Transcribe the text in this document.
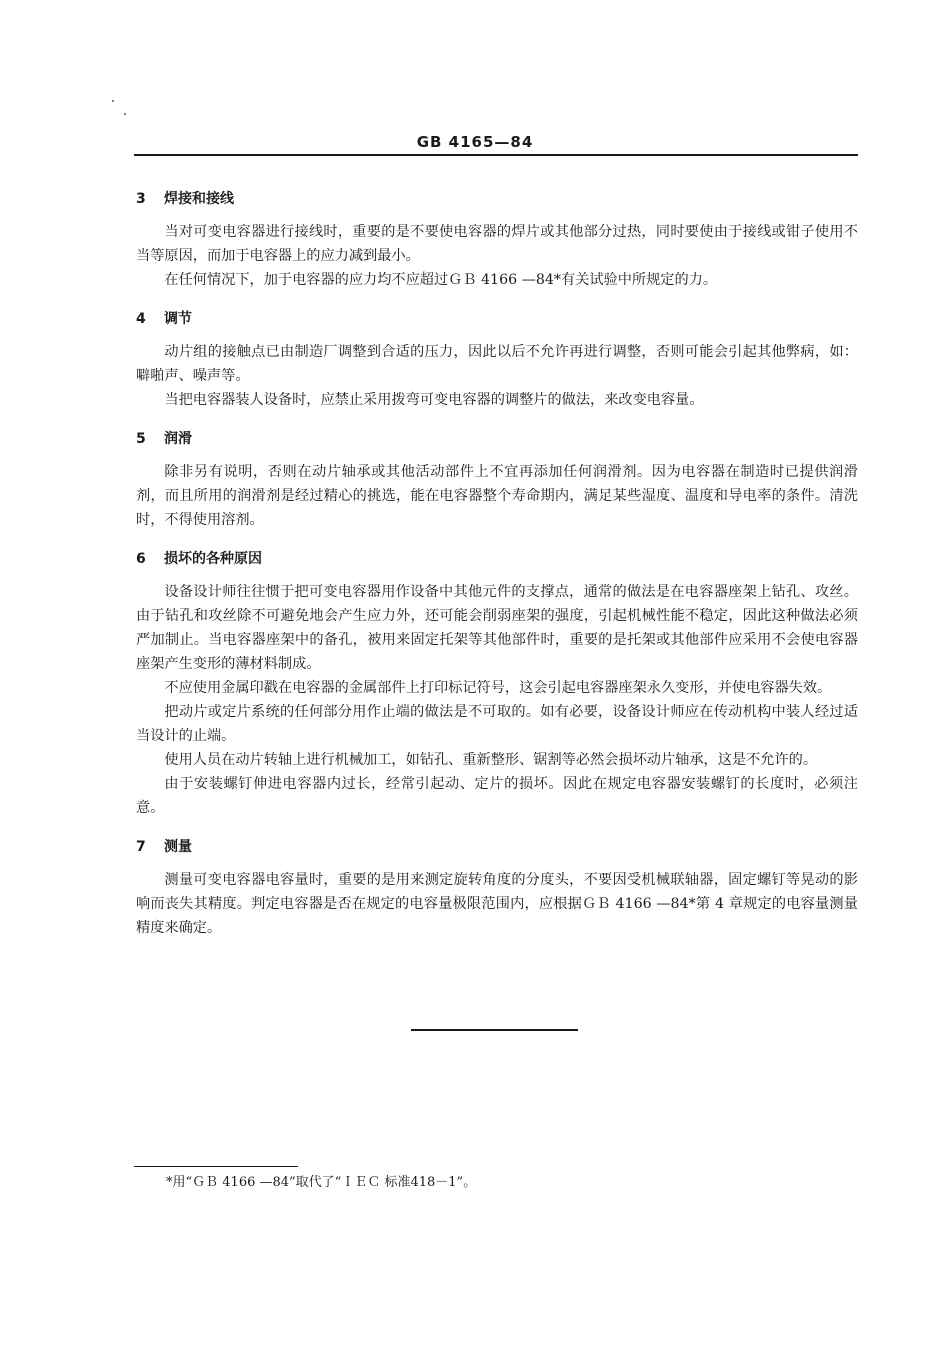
GB 4165—84
3	焊接和接线

当对可变电容器进行接线时，重要的是不要使电容器的焊片或其他部分过热，同时要使由于接线或钳子使用不当等原因，而加于电容器上的应力减到最小。

在任何情况下，加于电容器的应力均不应超过ＧＢ 4166 —84*有关试验中所规定的力。

4	调节

动片组的接触点已由制造厂调整到合适的压力，因此以后不允许再进行调整，否则可能会引起其他弊病，如：噼啪声、噪声等。

当把电容器装人设备时，应禁止采用拨弯可变电容器的调整片的做法，来改变电容量。

5	润滑

除非另有说明，否则在动片轴承或其他活动部件上不宜再添加任何润滑剂。因为电容器在制造时已提供润滑剂，而且所用的润滑剂是经过精心的挑选，能在电容器整个寿命期内，满足某些湿度、温度和导电率的条件。清洗时，不得使用溶剂。

6	损坏的各种原因

设备设计师往往惯于把可变电容器用作设备中其他元件的支撑点，通常的做法是在电容器座架上钻孔、攻丝。由于钻孔和攻丝除不可避免地会产生应力外，还可能会削弱座架的强度，引起机械性能不稳定，因此这种做法必须严加制止。当电容器座架中的备孔，被用来固定托架等其他部件时，重要的是托架或其他部件应采用不会使电容器座架产生变形的薄材料制成。

不应使用金属印戳在电容器的金属部件上打印标记符号，这会引起电容器座架永久变形，并使电容器失效。

把动片或定片系统的任何部分用作止端的做法是不可取的。如有必要，设备设计师应在传动机构中装人经过适当设计的止端。

使用人员在动片转轴上进行机械加工，如钻孔、重新整形、锯割等必然会损坏动片轴承，这是不允许的。

由于安装螺钉伸进电容器内过长，经常引起动、定片的损坏。因此在规定电容器安装螺钉的长度时，必须注意。

7	测量

测量可变电容器电容量时，重要的是用来测定旋转角度的分度头，不要因受机械联轴器，固定螺钉等晃动的影响而丧失其精度。判定电容器是否在规定的电容量极限范围内，应根据ＧＢ 4166 —84*第 4 章规定的电容量测量精度来确定。

*用“ＧＢ 4166 —84”取代了“ＩＥＣ 标准418－1”。
